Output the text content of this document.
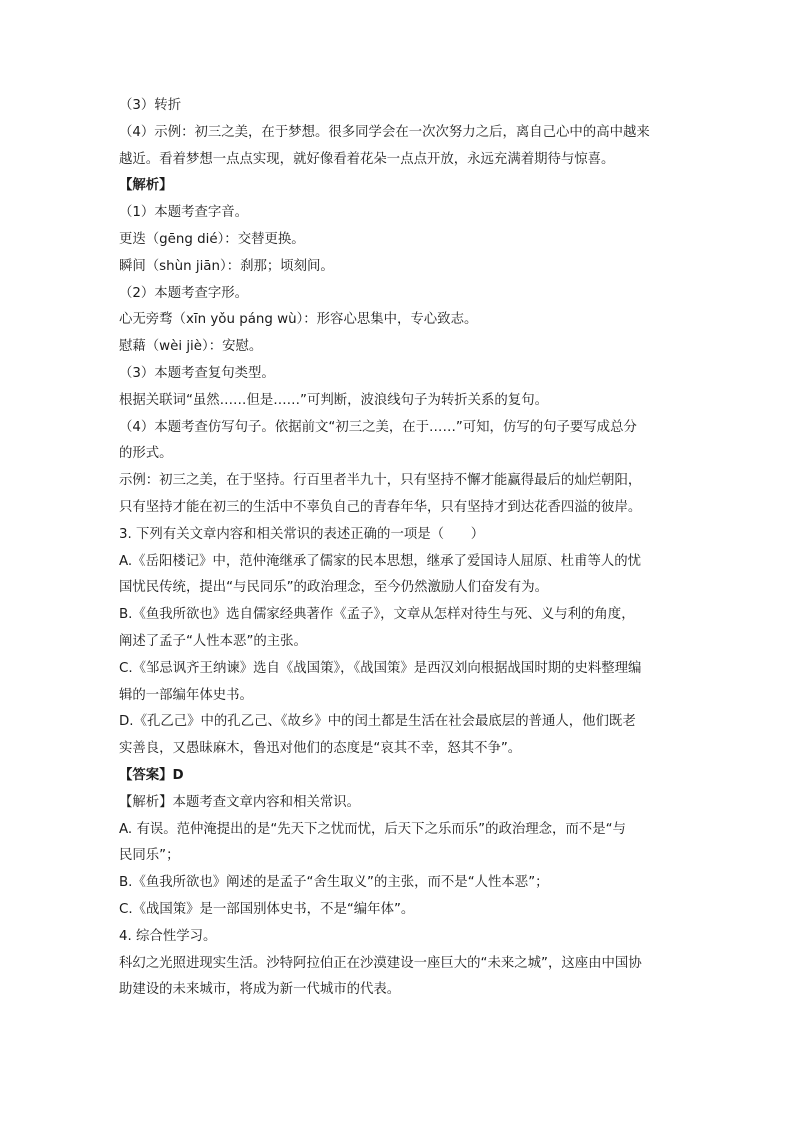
（3）转折
（4）示例：初三之美，在于梦想。很多同学会在一次次努力之后，离自己心中的高中越来
越近。看着梦想一点点实现，就好像看着花朵一点点开放，永远充满着期待与惊喜。
【解析】
（1）本题考查字音。
更迭（gēng dié）：交替更换。
瞬间（shùn jiān）：刹那；顷刻间。
（2）本题考查字形。
心无旁骛（xīn yǒu páng wù）：形容心思集中，专心致志。
慰藉（wèi jiè）：安慰。
（3）本题考查复句类型。
根据关联词“虽然……但是……”可判断，波浪线句子为转折关系的复句。
（4）本题考查仿写句子。依据前文“初三之美，在于……”可知，仿写的句子要写成总分
的形式。
示例：初三之美，在于坚持。行百里者半九十，只有坚持不懈才能赢得最后的灿烂朝阳，
只有坚持才能在初三的生活中不辜负自己的青春年华，只有坚持才到达花香四溢的彼岸。
3. 下列有关文章内容和相关常识的表述正确的一项是（　　）
A.《岳阳楼记》中，范仲淹继承了儒家的民本思想，继承了爱国诗人屈原、杜甫等人的忧
国忧民传统，提出“与民同乐”的政治理念，至今仍然激励人们奋发有为。
B.《鱼我所欲也》选自儒家经典著作《孟子》，文章从怎样对待生与死、义与利的角度，
阐述了孟子“人性本恶”的主张。
C.《邹忌讽齐王纳谏》选自《战国策》，《战国策》是西汉刘向根据战国时期的史料整理编
辑的一部编年体史书。
D.《孔乙己》中的孔乙己、《故乡》中的闰土都是生活在社会最底层的普通人，他们既老
实善良，又愚昧麻木，鲁迅对他们的态度是“哀其不幸，怒其不争”。
【答案】D
【解析】本题考查文章内容和相关常识。
A. 有误。范仲淹提出的是“先天下之忧而忧，后天下之乐而乐”的政治理念，而不是“与
民同乐”；
B.《鱼我所欲也》阐述的是孟子“舍生取义”的主张，而不是“人性本恶”；
C.《战国策》是一部国别体史书，不是“编年体”。
4. 综合性学习。
科幻之光照进现实生活。沙特阿拉伯正在沙漠建设一座巨大的“未来之城”，这座由中国协
助建设的未来城市，将成为新一代城市的代表。
